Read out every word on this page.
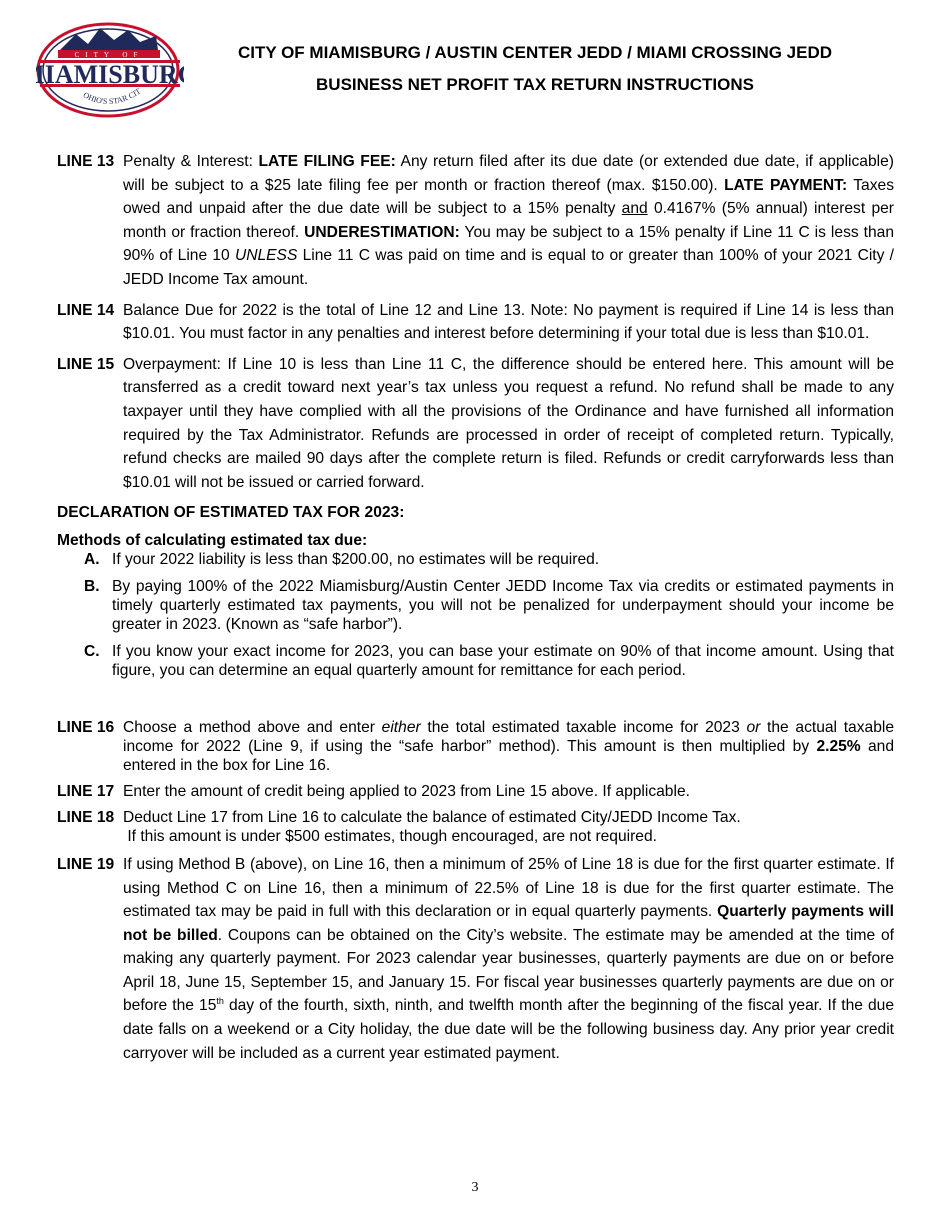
CITY OF
IAMISBUR
OHIO'S STAR CIT
CITY OF MIAMISBURG / AUSTIN CENTER JEDD / MIAMI CROSSING JEDD
BUSINESS NET PROFIT TAX RETURN INSTRUCTIONS
LINE 13 Penalty & Interest: LATE FILING FEE: Any return filed after its due date (or extended due date, if applicable) will be subject to a $25 late filing fee per month or fraction thereof (max. $150.00). LATE PAYMENT: Taxes owed and unpaid after the due date will be subject to a 15% penalty and 0.4167% (5% annual) interest per month or fraction thereof. UNDERESTIMATION: You may be subject to a 15% penalty if Line 11 C is less than 90% of Line 10 UNLESS Line 11 C was paid on time and is equal to or greater than 100% of your 2021 City / JEDD Income Tax amount.
LINE 14 Balance Due for 2022 is the total of Line 12 and Line 13. Note: No payment is required if Line 14 is less than $10.01. You must factor in any penalties and interest before determining if your total due is less than $10.01.
LINE 15 Overpayment: If Line 10 is less than Line 11 C, the difference should be entered here. This amount will be transferred as a credit toward next year’s tax unless you request a refund. No refund shall be made to any taxpayer until they have complied with all the provisions of the Ordinance and have furnished all information required by the Tax Administrator. Refunds are processed in order of receipt of completed return. Typically, refund checks are mailed 90 days after the complete return is filed. Refunds or credit carryforwards less than $10.01 will not be issued or carried forward.
DECLARATION OF ESTIMATED TAX FOR 2023:
Methods of calculating estimated tax due:
A. If your 2022 liability is less than $200.00, no estimates will be required.
B. By paying 100% of the 2022 Miamisburg/Austin Center JEDD Income Tax via credits or estimated payments in timely quarterly estimated tax payments, you will not be penalized for underpayment should your income be greater in 2023. (Known as “safe harbor”).
C. If you know your exact income for 2023, you can base your estimate on 90% of that income amount. Using that figure, you can determine an equal quarterly amount for remittance for each period.
LINE 16 Choose a method above and enter either the total estimated taxable income for 2023 or the actual taxable income for 2022 (Line 9, if using the “safe harbor” method). This amount is then multiplied by 2.25% and entered in the box for Line 16.
LINE 17 Enter the amount of credit being applied to 2023 from Line 15 above. If applicable.
LINE 18 Deduct Line 17 from Line 16 to calculate the balance of estimated City/JEDD Income Tax.
If this amount is under $500 estimates, though encouraged, are not required.
LINE 19 If using Method B (above), on Line 16, then a minimum of 25% of Line 18 is due for the first quarter estimate. If using Method C on Line 16, then a minimum of 22.5% of Line 18 is due for the first quarter estimate. The estimated tax may be paid in full with this declaration or in equal quarterly payments. Quarterly payments will not be billed. Coupons can be obtained on the City’s website. The estimate may be amended at the time of making any quarterly payment. For 2023 calendar year businesses, quarterly payments are due on or before April 18, June 15, September 15, and January 15. For fiscal year businesses quarterly payments are due on or before the 15th day of the fourth, sixth, ninth, and twelfth month after the beginning of the fiscal year. If the due date falls on a weekend or a City holiday, the due date will be the following business day. Any prior year credit carryover will be included as a current year estimated payment.
3
